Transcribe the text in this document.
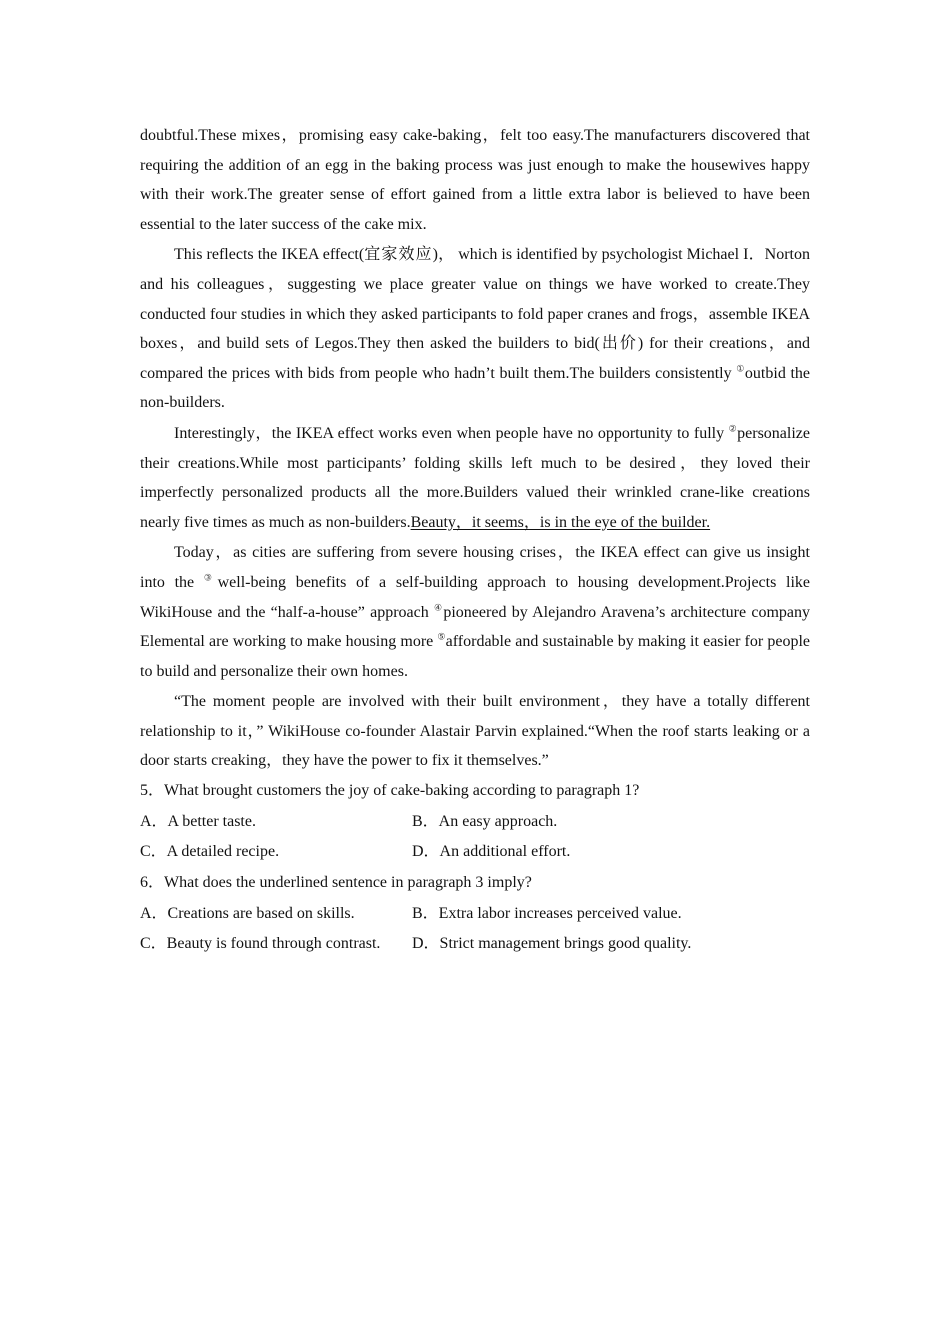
doubtful.These mixes，promising easy cake-baking，felt too easy.The manufacturers discovered that requiring the addition of an egg in the baking process was just enough to make the housewives happy with their work.The greater sense of effort gained from a little extra labor is believed to have been essential to the later success of the cake mix.

This reflects the IKEA effect(宜家效应)， which is identified by psychologist Michael I．Norton and his colleagues，suggesting we place greater value on things we have worked to create.They conducted four studies in which they asked participants to fold paper cranes and frogs，assemble IKEA boxes，and build sets of Legos.They then asked the builders to bid(出价) for their creations，and compared the prices with bids from people who hadn’t built them.The builders consistently ①outbid the non-builders.

Interestingly，the IKEA effect works even when people have no opportunity to fully ②personalize their creations.While most participants’ folding skills left much to be desired，they loved their imperfectly personalized products all the more.Builders valued their wrinkled crane-like creations nearly five times as much as non-builders.Beauty，it seems，is in the eye of the builder.

Today，as cities are suffering from severe housing crises，the IKEA effect can give us insight into the ③well-being benefits of a self-building approach to housing development.Projects like WikiHouse and the “half-a-house” approach ④pioneered by Alejandro Aravena’s architecture company Elemental are working to make housing more ⑤affordable and sustainable by making it easier for people to build and personalize their own homes.

“The moment people are involved with their built environment，they have a totally different relationship to it，” WikiHouse co-founder Alastair Parvin explained.“When the roof starts leaking or a door starts creaking，they have the power to fix it themselves.”

5．What brought customers the joy of cake-baking according to paragraph 1?

A．A better taste.	B．An easy approach.
C．A detailed recipe.	D．An additional effort.

6．What does the underlined sentence in paragraph 3 imply?

A．Creations are based on skills.	B．Extra labor increases perceived value.
C．Beauty is found through contrast.	D．Strict management brings good quality.
